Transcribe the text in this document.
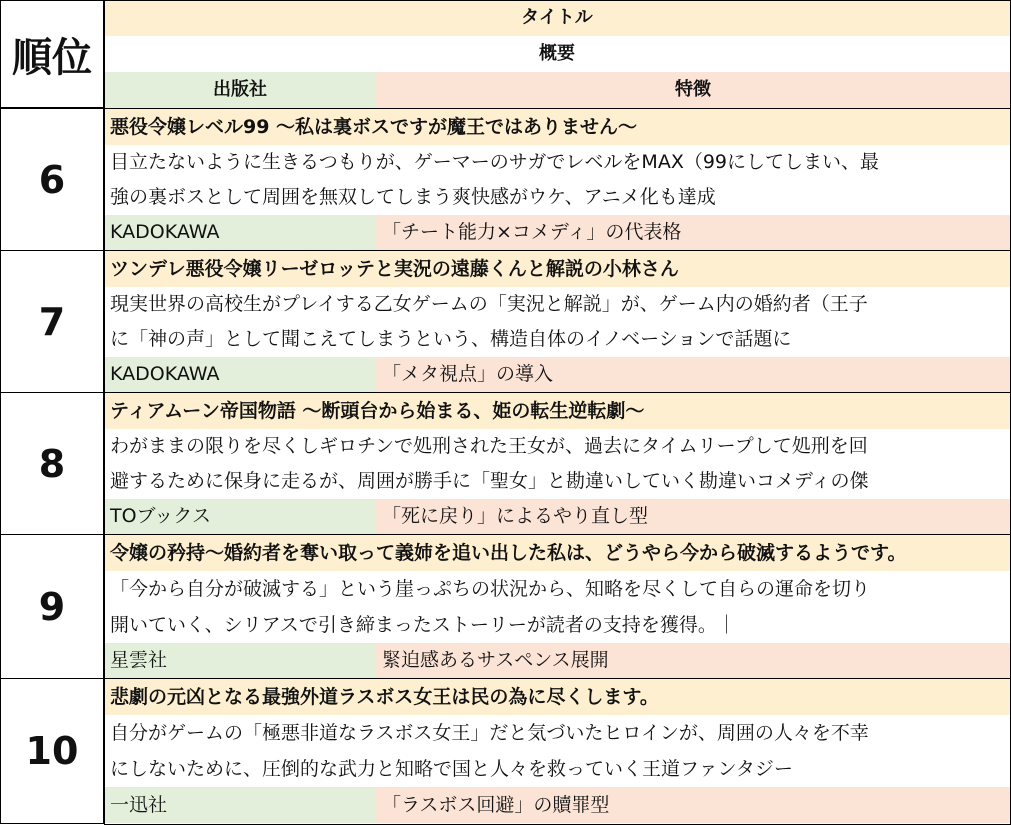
順位
タイトル
概要
出版社	特徴
6
悪役令嬢レベル99 ～私は裏ボスですが魔王ではありません～
目立たないように生きるつもりが、ゲーマーのサガでレベルをMAX（99にしてしまい、最
強の裏ボスとして周囲を無双してしまう爽快感がウケ、アニメ化も達成
KADOKAWA	「チート能力×コメディ」の代表格
7
ツンデレ悪役令嬢リーゼロッテと実況の遠藤くんと解説の小林さん
現実世界の高校生がプレイする乙女ゲームの「実況と解説」が、ゲーム内の婚約者（王子
に「神の声」として聞こえてしまうという、構造自体のイノベーションで話題に
KADOKAWA	「メタ視点」の導入
8
ティアムーン帝国物語 ～断頭台から始まる、姫の転生逆転劇～
わがままの限りを尽くしギロチンで処刑された王女が、過去にタイムリープして処刑を回
避するために保身に走るが、周囲が勝手に「聖女」と勘違いしていく勘違いコメディの傑
TOブックス	「死に戻り」によるやり直し型
9
令嬢の矜持～婚約者を奪い取って義姉を追い出した私は、どうやら今から破滅するようです。
「今から自分が破滅する」という崖っぷちの状況から、知略を尽くして自らの運命を切り
開いていく、シリアスで引き締まったストーリーが読者の支持を獲得。｜
星雲社	緊迫感あるサスペンス展開
10
悲劇の元凶となる最強外道ラスボス女王は民の為に尽くします。
自分がゲームの「極悪非道なラスボス女王」だと気づいたヒロインが、周囲の人々を不幸
にしないために、圧倒的な武力と知略で国と人々を救っていく王道ファンタジー
一迅社	「ラスボス回避」の贖罪型
